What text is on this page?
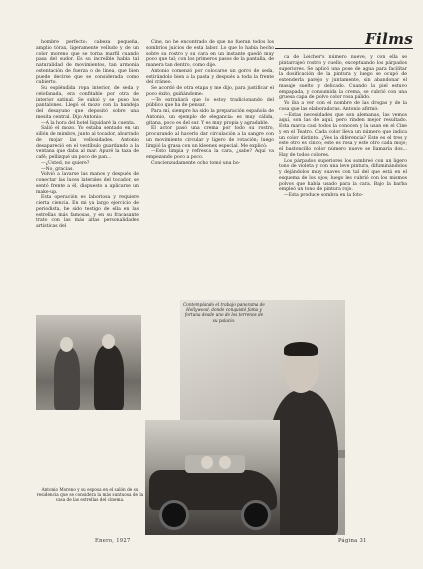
Films

hombre perfecto: cabeza pequeña, amplio tórax, ligeramente velludo y de un color moreno que se torna marfil cuando pasa del sudor. Es su increíble habla tal naturalidad de movimientos, tan armonía ostentación de fuerza o de línea, que bien puede decirse que se considerada como cubierto.

Su espléndida ropa interior, de seda y celofanada, era confitable por otra de interior satinal. Se subió y se puso los pantalones. Llegó el mozo con la bandeja del desayuno que depositó sobre una mesita central. Dijo Antonio:

—A la hora del hotel liquidaré la cuenta.

Salió el mozo. Yo estaba sentado en un sillón de mimbre, junto al tocador, aburrado de mojar las vellosidades. Antonio desapareció en el vestíbulo guardando a la ventana que daba al mar. Apuré la taza de café; pellizqué un poco de pan...

—¿Usted, no quiere?

—No, gracias.

Volvió a lavarse las manos y después de conectar las luces laterales del tocador, se sentó frente a él, dispuesto a aplicarse un make-up.

Esta operación es laboriosa y requiere cierta ciencia. En mi ya largo ejercicio de periodista, he sido testigo de ella en las estrellas más famosas, y en su fracasante trato con las más altas personalidades artísticas del

Cine, no he encontrado de que no fueran todos los sombríos juicios de esta labor. Lo que lo había hecho sobre su rostro y su cara en un instante quedó muy poco que tal; con los primeros pasos de la pantalla, de manera tan dentro, como dije.

Antonio comenzó por colocarse un gorro de seda, estirándolo bien a la pasta y después a toda la frente del cráneo.

Se acordó de otra etapa y me dijo, para justificar el poco éxito, guiñándome:

—Te extrañará que lo estoy tradicionando del público que ha de pensar.

Para mí, siempre ha sido la preparación española de Antonio, un ejemplo de elegancia: es muy cálida, gitana, poco es del sur. Y es muy propia y agradable.

El actor pasó una crema por todo su rostro, procurando al hacerlo dar circulación a la sangre con un movimiento circular y ligero de rotación; luego limpió la grasa con un kleenex especial. Me explicó:

—Esto limpia y refresca la cara, ¿sabe? Aquí va empezando poco a poco.

Concienzudamente ocho tomó una bo-

ca de Leicher's número nueve, y con ella se pintarrajeó rostro y cuello, exceptuando los párpados superiores. Se aplicó una pose de agua para facilitar la dosificación de la pintura y luego se ocupó de extenderla parejo y juntamente, sin abandonar el masaje suelto y delicado. Cuando la piel estuvo empapada, y consumida la crema, se cubrió con una gruesa capa de polvo color rosa pálido.

Yo iba a ver con el nombre de las drogas y de la cosa que las elaboradoras. Antonio afirmó:

—Estas necesidades que son alemanas, las vemos aquí, son las de aquí, pero rinden mejor resultado. Esta marca casi todos la conocen y la usan en el Cine y en el Teatro. Cada color lleva un número que indica un color distinto. ¿Ves la diferencia? Este es el tres y este otro es cinco; este es rosa y este otro cada mojo; el bastoncillo color número nueve se llamaría dos... Hay de todos colores.

Los párpados superiores los sombreó con un ligero tono de violeta y con una leve pintura, difuminándolos y dejándolos muy suaves con tal del que está en el esquema de los ojos; luego les cubrió con los mismos polvos que había usado para la cara. Bajo la barba empleó un tono de pintura rojo.

—Esta produce sombra en la foto-

Antonio Moreno y su esposa en el salón de su residencia que se considera la más suntuosa de la casa de las estrellas del cinema.
Contemplando el trabajo panorama de Hollywood, donde conquistó fama y fortuna desde uno de los terrenos de su palacio.
Enero, 1927	Página 31
